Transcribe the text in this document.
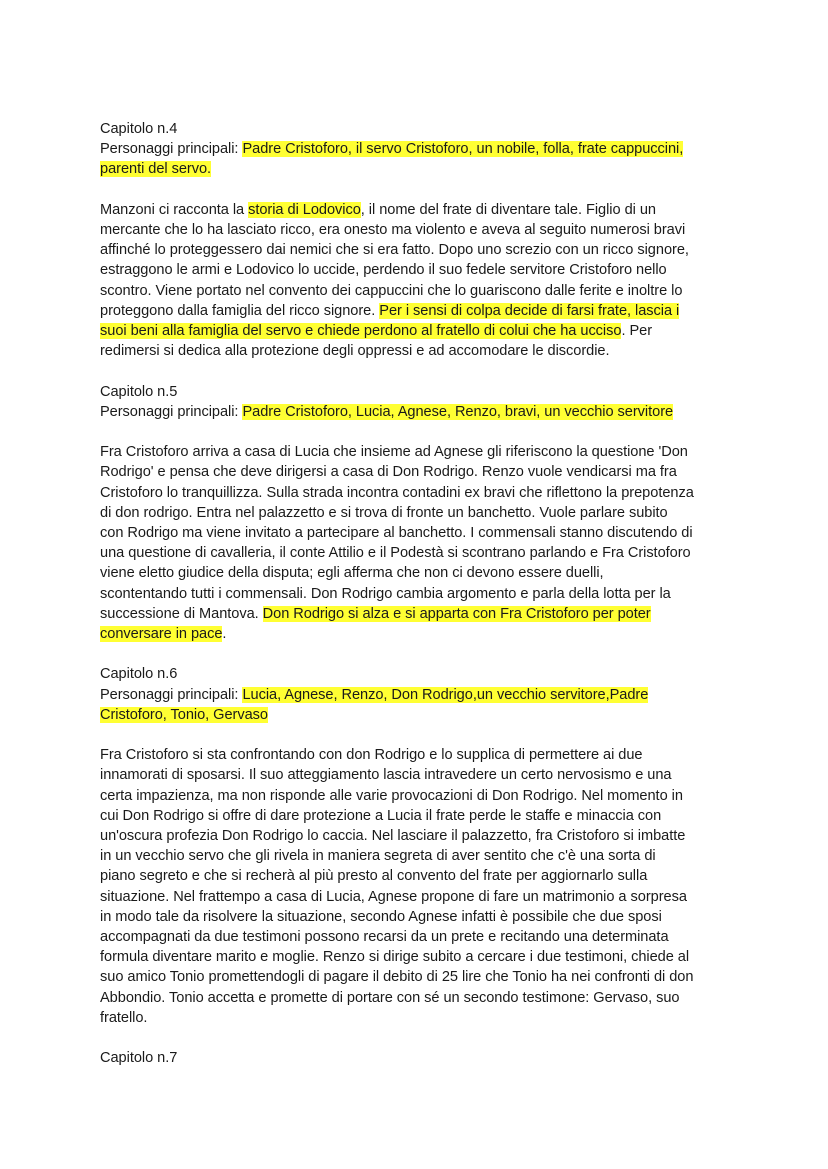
Capitolo n.4

Personaggi principali: Padre Cristoforo, il servo Cristoforo, un nobile, folla, frate cappuccini,

parenti del servo.

Manzoni ci racconta la storia di Lodovico, il nome del frate di diventare tale. Figlio di un

mercante che lo ha lasciato ricco, era onesto ma violento e aveva al seguito numerosi bravi

affinché lo proteggessero dai nemici che si era fatto. Dopo uno screzio con un ricco signore,

estraggono le armi e Lodovico lo uccide, perdendo il suo fedele servitore Cristoforo nello

scontro. Viene portato nel convento dei cappuccini che lo guariscono dalle ferite e inoltre lo

proteggono dalla famiglia del ricco signore. Per i sensi di colpa decide di farsi frate, lascia i

suoi beni alla famiglia del servo e chiede perdono al fratello di colui che ha ucciso. Per

redimersi si dedica alla protezione degli oppressi e ad accomodare le discordie.

Capitolo n.5

Personaggi principali: Padre Cristoforo, Lucia, Agnese, Renzo, bravi, un vecchio servitore

Fra Cristoforo arriva a casa di Lucia che insieme ad Agnese gli riferiscono la questione 'Don

Rodrigo' e pensa che deve dirigersi a casa di Don Rodrigo. Renzo vuole vendicarsi ma fra

Cristoforo lo tranquillizza. Sulla strada incontra contadini ex bravi che riflettono la prepotenza

di don rodrigo. Entra nel palazzetto e si trova di fronte un banchetto. Vuole parlare subito

con Rodrigo ma viene invitato a partecipare al banchetto. I commensali stanno discutendo di

una questione di cavalleria, il conte Attilio e il Podestà si scontrano parlando e Fra Cristoforo

viene eletto giudice della disputa; egli afferma che non ci devono essere duelli,

scontentando tutti i commensali. Don Rodrigo cambia argomento e parla della lotta per la

successione di Mantova. Don Rodrigo si alza e si apparta con Fra Cristoforo per poter

conversare in pace.

Capitolo n.6

Personaggi principali: Lucia, Agnese, Renzo, Don Rodrigo,un vecchio servitore,Padre

Cristoforo, Tonio, Gervaso

Fra Cristoforo si sta confrontando con don Rodrigo e lo supplica di permettere ai due

innamorati di sposarsi. Il suo atteggiamento lascia intravedere un certo nervosismo e una

certa impazienza, ma non risponde alle varie provocazioni di Don Rodrigo. Nel momento in

cui Don Rodrigo si offre di dare protezione a Lucia il frate perde le staffe e minaccia con

un'oscura profezia Don Rodrigo lo caccia. Nel lasciare il palazzetto, fra Cristoforo si imbatte

in un vecchio servo che gli rivela in maniera segreta di aver sentito che c'è una sorta di

piano segreto e che si recherà al più presto al convento del frate per aggiornarlo sulla

situazione. Nel frattempo a casa di Lucia, Agnese propone di fare un matrimonio a sorpresa

in modo tale da risolvere la situazione, secondo Agnese infatti è possibile che due sposi

accompagnati da due testimoni possono recarsi da un prete e recitando una determinata

formula diventare marito e moglie. Renzo si dirige subito a cercare i due testimoni, chiede al

suo amico Tonio promettendogli di pagare il debito di 25 lire che Tonio ha nei confronti di don

Abbondio. Tonio accetta e promette di portare con sé un secondo testimone: Gervaso, suo

fratello.

Capitolo n.7
